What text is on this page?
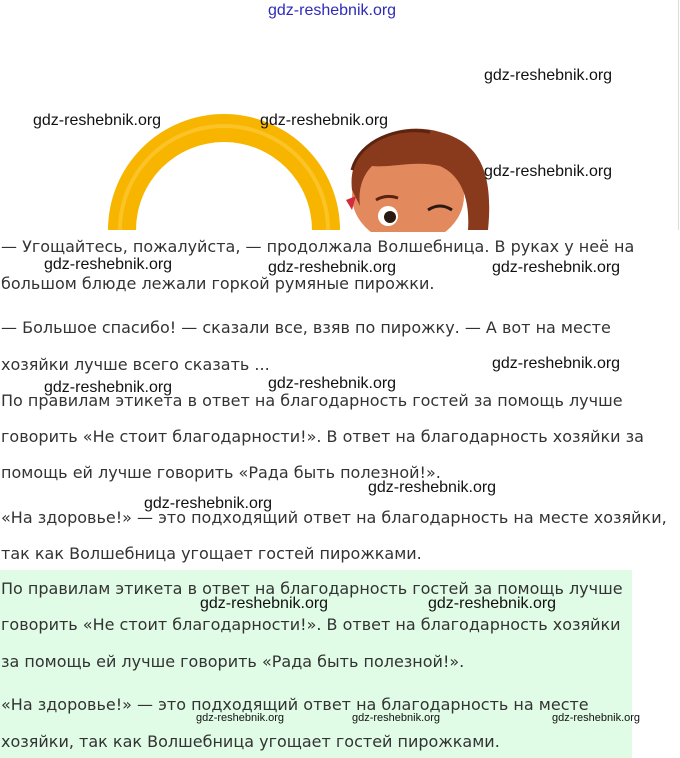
gdz-reshebnik.org
gdz-reshebnik.org
gdz-reshebnik.org	gdz-reshebnik.org
gdz-reshebnik.org
— Угощайтесь, пожалуйста, — продолжала Волшебница. В руках у неё на
gdz-reshebnik.org	gdz-reshebnik.org	gdz-reshebnik.org
большом блюде лежали горкой румяные пирожки.
— Большое спасибо! — сказали все, взяв по пирожку. — А вот на месте
хозяйки лучше всего сказать ...	gdz-reshebnik.org
gdz-reshebnik.org
gdz-reshebnik.org
По правилам этикета в ответ на благодарность гостей за помощь лучше
говорить «Не стоит благодарности!». В ответ на благодарность хозяйки за
помощь ей лучше говорить «Рада быть полезной!».
gdz-reshebnik.org
gdz-reshebnik.org
«На здоровье!» — это подходящий ответ на благодарность на месте хозяйки,
так как Волшебница угощает гостей пирожками.
По правилам этикета в ответ на благодарность гостей за помощь лучше
gdz-reshebnik.org	gdz-reshebnik.org
говорить «Не стоит благодарности!». В ответ на благодарность хозяйки
за помощь ей лучше говорить «Рада быть полезной!».
«На здоровье!» — это подходящий ответ на благодарность на месте
gdz-reshebnik.org	gdz-reshebnik.org	gdz-reshebnik.org
хозяйки, так как Волшебница угощает гостей пирожками.
